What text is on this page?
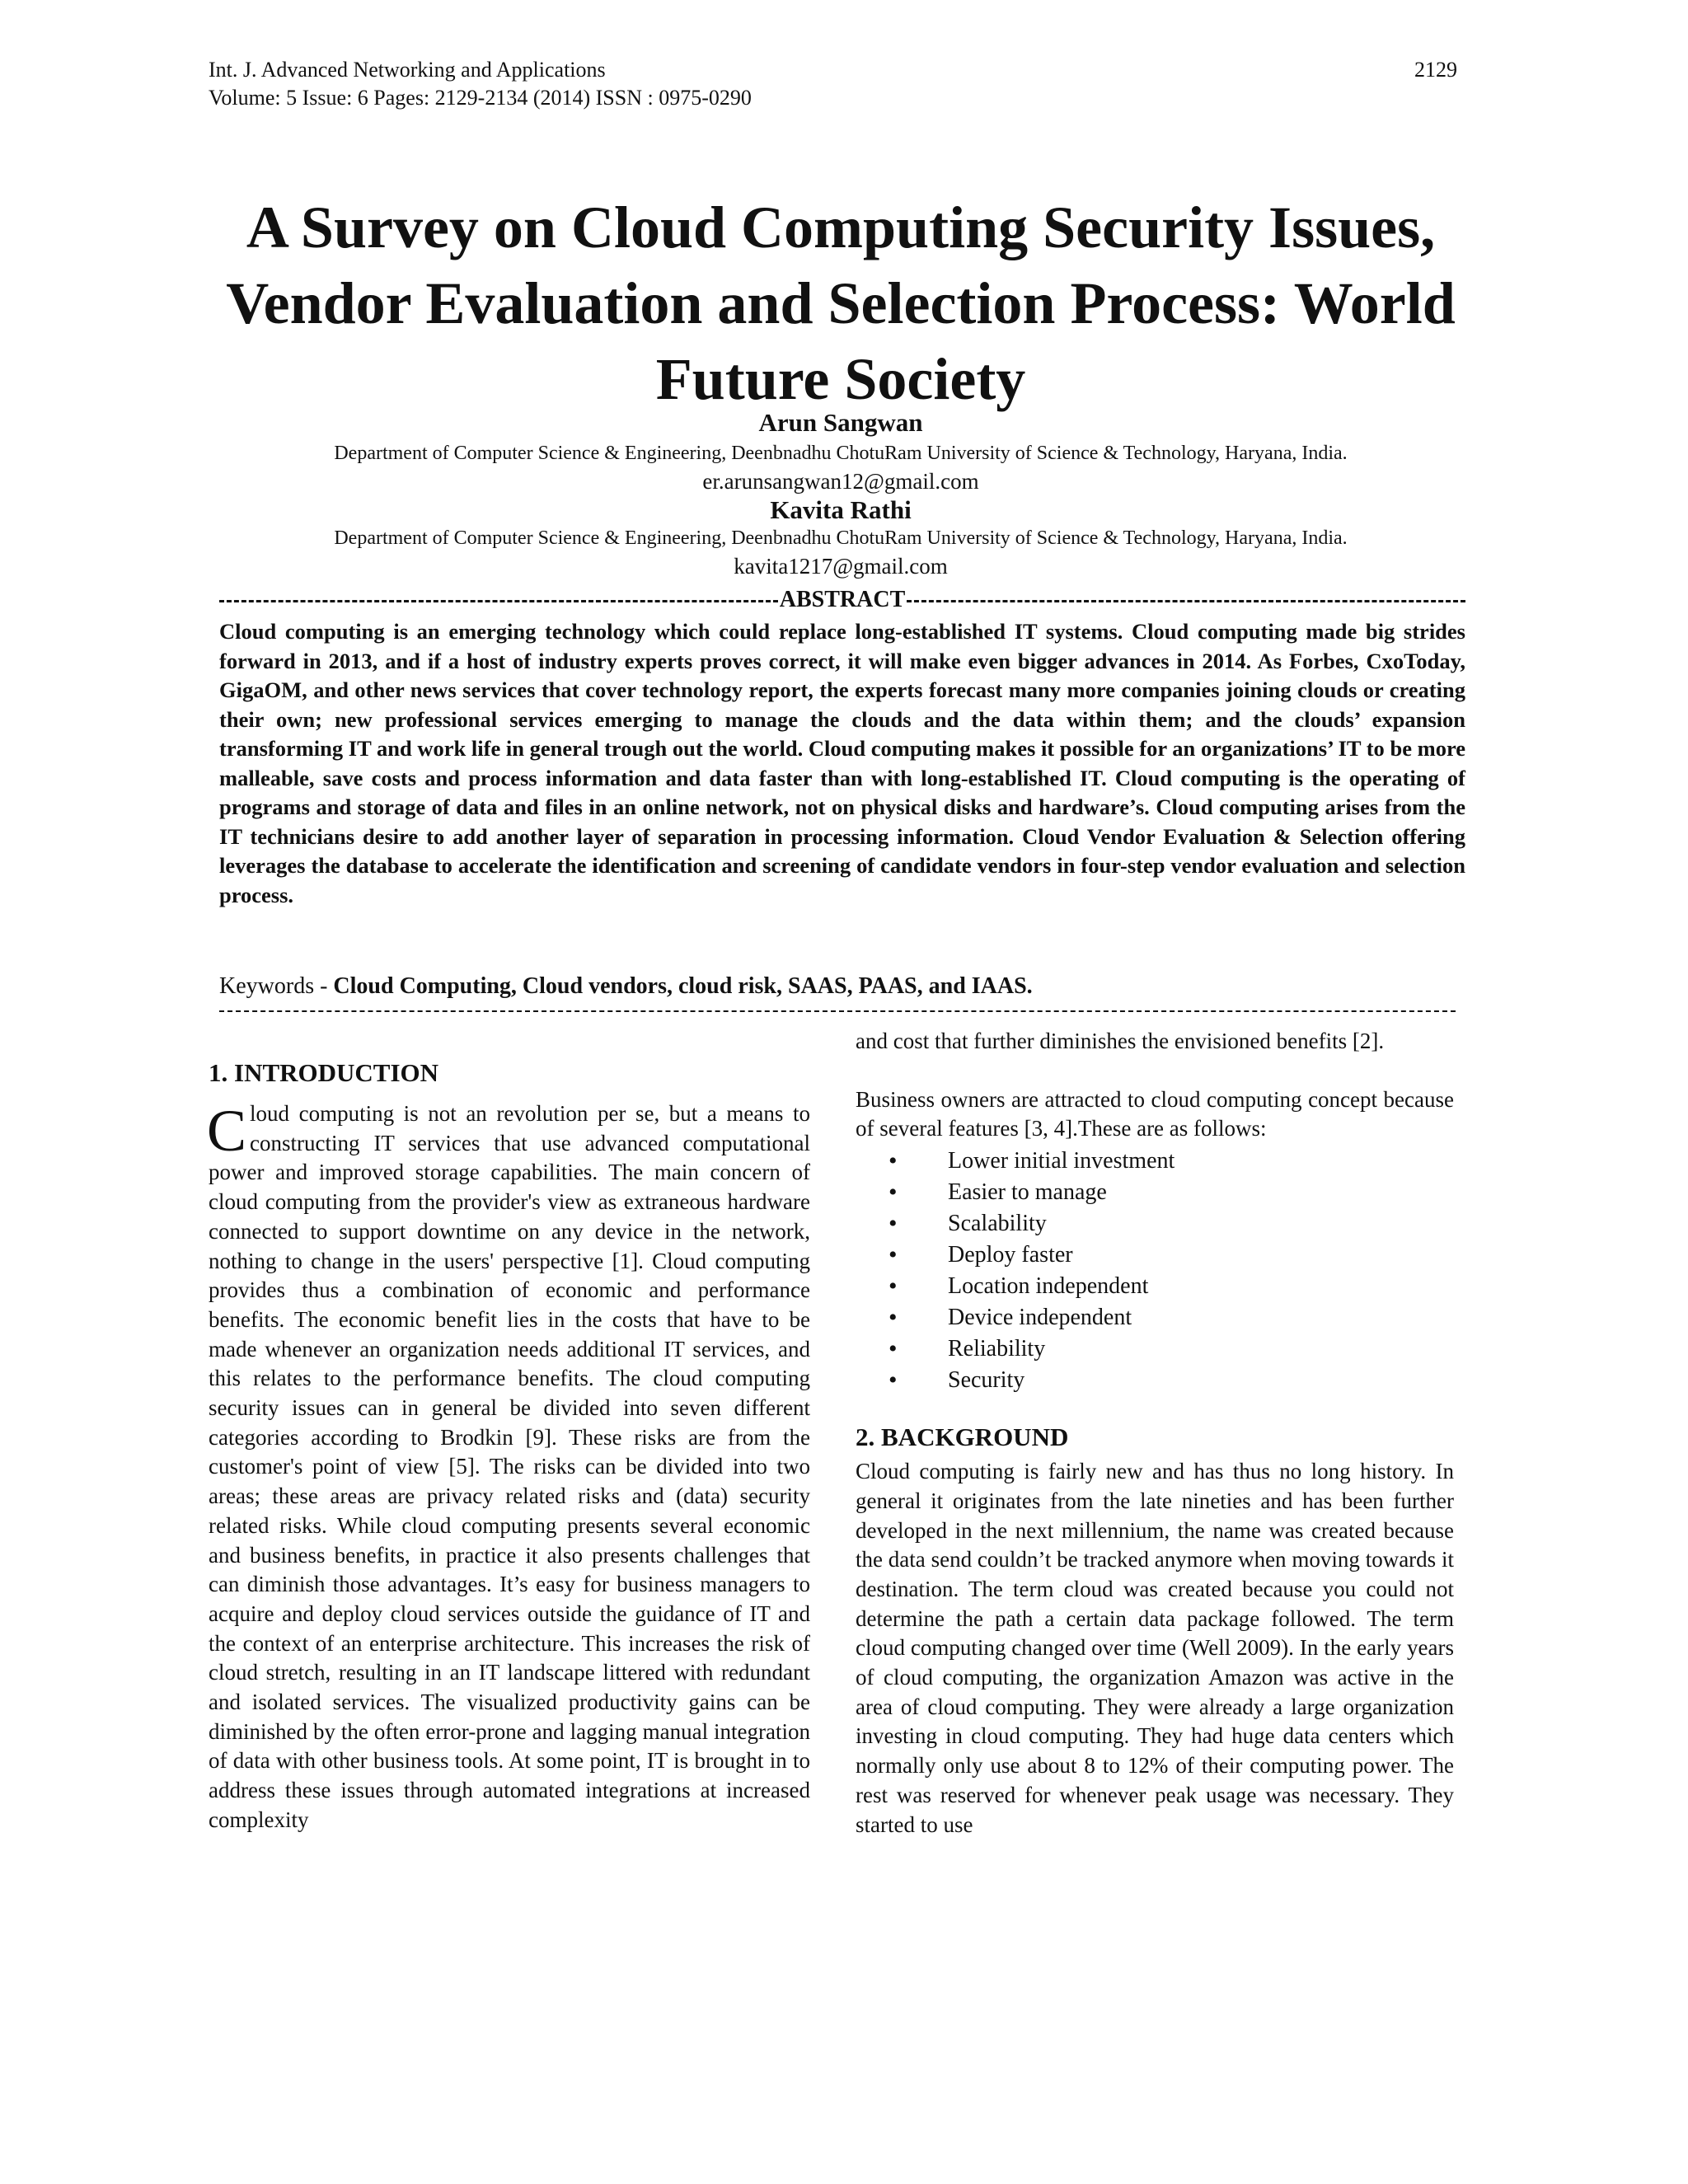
Int. J. Advanced Networking and Applications
Volume: 5 Issue: 6 Pages: 2129-2134 (2014) ISSN : 0975-0290
2129
A Survey on Cloud Computing Security Issues, Vendor Evaluation and Selection Process: World Future Society
Arun Sangwan
Department of Computer Science & Engineering, Deenbnadhu ChotuRam University of Science & Technology, Haryana, India.
er.arunsangwan12@gmail.com
Kavita Rathi
Department of Computer Science & Engineering, Deenbnadhu ChotuRam University of Science & Technology, Haryana, India.
kavita1217@gmail.com
ABSTRACT

Cloud computing is an emerging technology which could replace long-established IT systems. Cloud computing made big strides forward in 2013, and if a host of industry experts proves correct, it will make even bigger advances in 2014. As Forbes, CxoToday, GigaOM, and other news services that cover technology report, the experts forecast many more companies joining clouds or creating their own; new professional services emerging to manage the clouds and the data within them; and the clouds’ expansion transforming IT and work life in general trough out the world. Cloud computing makes it possible for an organizations’ IT to be more malleable, save costs and process information and data faster than with long-established IT. Cloud computing is the operating of programs and storage of data and files in an online network, not on physical disks and hardware’s. Cloud computing arises from the IT technicians desire to add another layer of separation in processing information. Cloud Vendor Evaluation & Selection offering leverages the database to accelerate the identification and screening of candidate vendors in four-step vendor evaluation and selection process.

Keywords - Cloud Computing, Cloud vendors, cloud risk, SAAS, PAAS, and IAAS.
1. INTRODUCTION

Cloud computing is not an revolution per se, but a means to constructing IT services that use advanced computational power and improved storage capabilities. The main concern of cloud computing from the provider's view as extraneous hardware connected to support downtime on any device in the network, nothing to change in the users' perspective [1]. Cloud computing provides thus a combination of economic and performance benefits. The economic benefit lies in the costs that have to be made whenever an organization needs additional IT services, and this relates to the performance benefits. The cloud computing security issues can in general be divided into seven different categories according to Brodkin [9]. These risks are from the customer's point of view [5]. The risks can be divided into two areas; these areas are privacy related risks and (data) security related risks. While cloud computing presents several economic and business benefits, in practice it also presents challenges that can diminish those advantages. It’s easy for business managers to acquire and deploy cloud services outside the guidance of IT and the context of an enterprise architecture. This increases the risk of cloud stretch, resulting in an IT landscape littered with redundant and isolated services. The visualized productivity gains can be diminished by the often error-prone and lagging manual integration of data with other business tools. At some point, IT is brought in to address these issues through automated integrations at increased complexity

and cost that further diminishes the envisioned benefits [2].

Business owners are attracted to cloud computing concept because of several features [3, 4].These are as follows:

• Lower initial investment
• Easier to manage
• Scalability
• Deploy faster
• Location independent
• Device independent
• Reliability
• Security
2. BACKGROUND

Cloud computing is fairly new and has thus no long history. In general it originates from the late nineties and has been further developed in the next millennium, the name was created because the data send couldn’t be tracked anymore when moving towards it destination. The term cloud was created because you could not determine the path a certain data package followed. The term cloud computing changed over time (Well 2009). In the early years of cloud computing, the organization Amazon was active in the area of cloud computing. They were already a large organization investing in cloud computing. They had huge data centers which normally only use about 8 to 12% of their computing power. The rest was reserved for whenever peak usage was necessary. They started to use
